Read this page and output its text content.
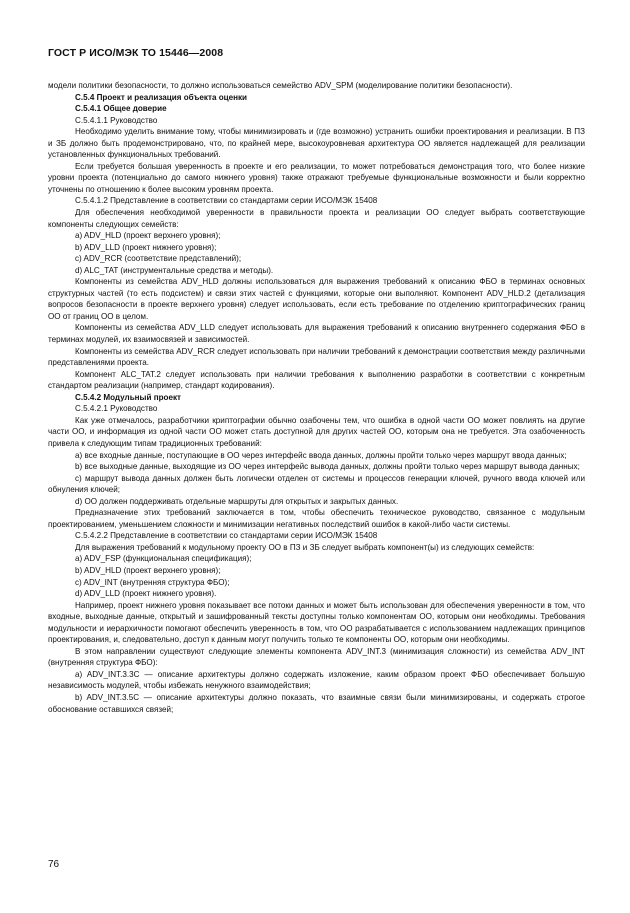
ГОСТ Р ИСО/МЭК ТО 15446—2008

модели политики безопасности, то должно использоваться семейство ADV_SPM (моделирование политики безопасности).

С.5.4 Проект и реализация объекта оценки

С.5.4.1 Общее доверие

С.5.4.1.1 Руководство

Необходимо уделить внимание тому, чтобы минимизировать и (где возможно) устранить ошибки проектирования и реализации. В ПЗ и ЗБ должно быть продемонстрировано, что, по крайней мере, высокоуровневая архитектура ОО является надлежащей для реализации установленных функциональных требований.

Если требуется большая уверенность в проекте и его реализации, то может потребоваться демонстрация того, что более низкие уровни проекта (потенциально до самого нижнего уровня) также отражают требуемые функциональные возможности и были корректно уточнены по отношению к более высоким уровням проекта.

С.5.4.1.2 Представление в соответствии со стандартами серии ИСО/МЭК 15408

Для обеспечения необходимой уверенности в правильности проекта и реализации ОО следует выбрать соответствующие компоненты следующих семейств:

a) ADV_HLD (проект верхнего уровня);

b) ADV_LLD (проект нижнего уровня);

c) ADV_RCR (соответствие представлений);

d) ALC_TAT (инструментальные средства и методы).

Компоненты из семейства ADV_HLD должны использоваться для выражения требований к описанию ФБО в терминах основных структурных частей (то есть подсистем) и связи этих частей с функциями, которые они выполняют. Компонент ADV_HLD.2 (детализация вопросов безопасности в проекте верхнего уровня) следует использовать, если есть требование по отделению криптографических границ ОО от границ ОО в целом.

Компоненты из семейства ADV_LLD следует использовать для выражения требований к описанию внутреннего содержания ФБО в терминах модулей, их взаимосвязей и зависимостей.

Компоненты из семейства ADV_RCR следует использовать при наличии требований к демонстрации соответствия между различными представлениями проекта.

Компонент ALC_TAT.2 следует использовать при наличии требования к выполнению разработки в соответствии с конкретным стандартом реализации (например, стандарт кодирования).

С.5.4.2 Модульный проект

С.5.4.2.1 Руководство

Как уже отмечалось, разработчики криптографии обычно озабочены тем, что ошибка в одной части ОО может повлиять на другие части ОО, и информация из одной части ОО может стать доступной для других частей ОО, которым она не требуется. Эта озабоченность привела к следующим типам традиционных требований:

a) все входные данные, поступающие в ОО через интерфейс ввода данных, должны пройти только через маршрут ввода данных;

b) все выходные данные, выходящие из ОО через интерфейс вывода данных, должны пройти только через маршрут вывода данных;

c) маршрут вывода данных должен быть логически отделен от системы и процессов генерации ключей, ручного ввода ключей или обнуления ключей;

d) ОО должен поддерживать отдельные маршруты для открытых и закрытых данных.

Предназначение этих требований заключается в том, чтобы обеспечить техническое руководство, связанное с модульным проектированием, уменьшением сложности и минимизации негативных последствий ошибок в какой-либо части системы.

С.5.4.2.2 Представление в соответствии со стандартами серии ИСО/МЭК 15408

Для выражения требований к модульному проекту ОО в ПЗ и ЗБ следует выбрать компонент(ы) из следующих семейств:

a) ADV_FSP (функциональная спецификация);

b) ADV_HLD (проект верхнего уровня);

c) ADV_INT (внутренняя структура ФБО);

d) ADV_LLD (проект нижнего уровня).

Например, проект нижнего уровня показывает все потоки данных и может быть использован для обеспечения уверенности в том, что входные, выходные данные, открытый и зашифрованный тексты доступны только компонентам ОО, которым они необходимы. Требования модульности и иерархичности помогают обеспечить уверенность в том, что ОО разрабатывается с использованием надлежащих принципов проектирования, и, следовательно, доступ к данным могут получить только те компоненты ОО, которым они необходимы.

В этом направлении существуют следующие элементы компонента ADV_INT.3 (минимизация сложности) из семейства ADV_INT (внутренняя структура ФБО):

a) ADV_INT.3.3C — описание архитектуры должно содержать изложение, каким образом проект ФБО обеспечивает большую независимость модулей, чтобы избежать ненужного взаимодействия;

b) ADV_INT.3.5C — описание архитектуры должно показать, что взаимные связи были минимизированы, и содержать строгое обоснование оставшихся связей;

76
